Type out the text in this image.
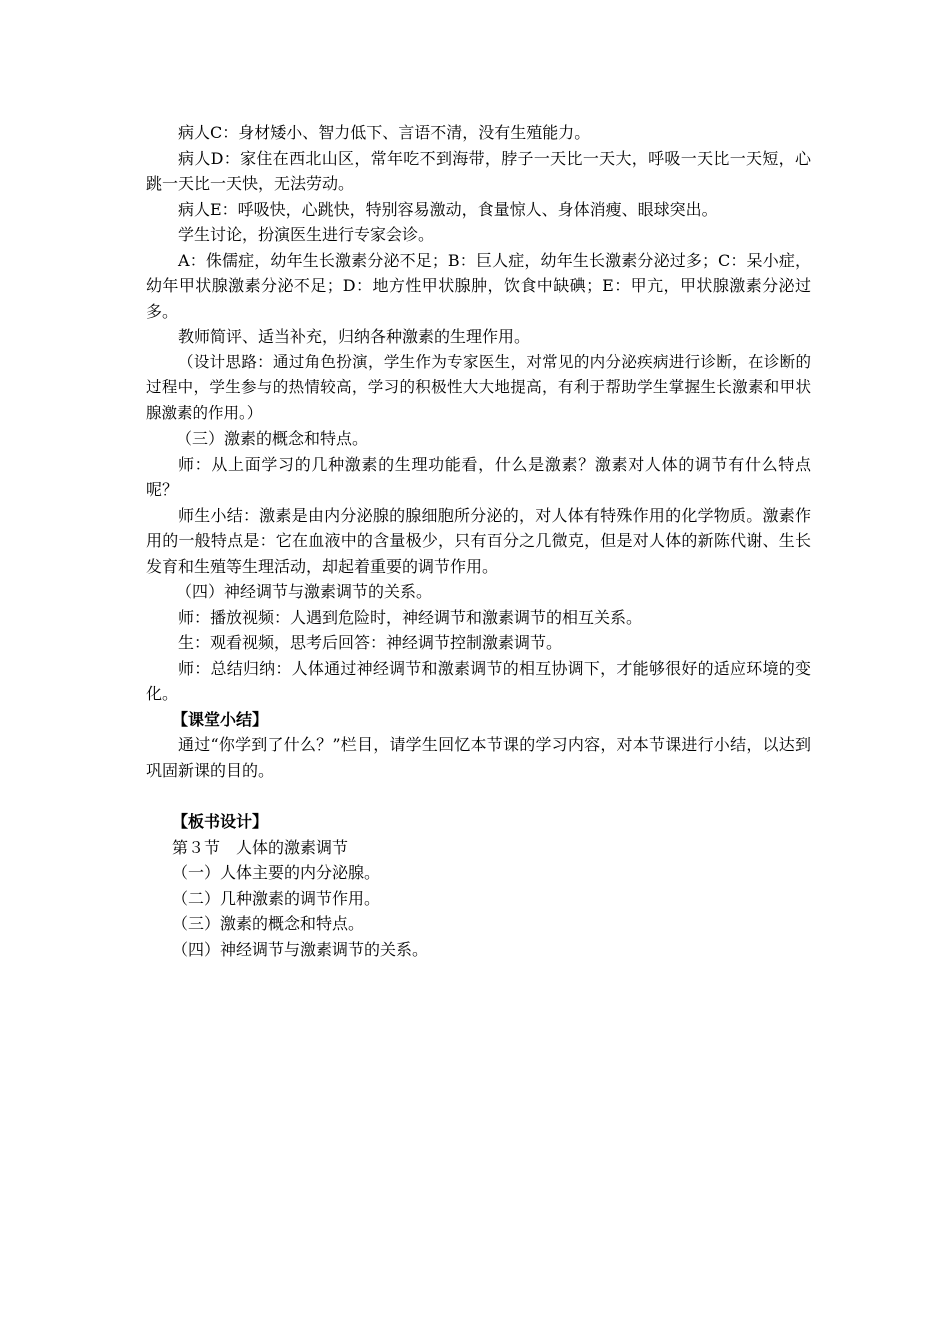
病人C：身材矮小、智力低下、言语不清，没有生殖能力。

病人D：家住在西北山区，常年吃不到海带，脖子一天比一天大，呼吸一天比一天短，心跳一天比一天快，无法劳动。

病人E：呼吸快，心跳快，特别容易激动，食量惊人、身体消瘦、眼球突出。

学生讨论，扮演医生进行专家会诊。

A：侏儒症，幼年生长激素分泌不足；B：巨人症，幼年生长激素分泌过多；C：呆小症，幼年甲状腺激素分泌不足；D：地方性甲状腺肿，饮食中缺碘；E：甲亢，甲状腺激素分泌过多。

教师简评、适当补充，归纳各种激素的生理作用。

（设计思路：通过角色扮演，学生作为专家医生，对常见的内分泌疾病进行诊断，在诊断的过程中，学生参与的热情较高，学习的积极性大大地提高，有利于帮助学生掌握生长激素和甲状腺激素的作用。）

（三）激素的概念和特点。

师：从上面学习的几种激素的生理功能看，什么是激素？激素对人体的调节有什么特点呢？

师生小结：激素是由内分泌腺的腺细胞所分泌的，对人体有特殊作用的化学物质。激素作用的一般特点是：它在血液中的含量极少，只有百分之几微克，但是对人体的新陈代谢、生长发育和生殖等生理活动，却起着重要的调节作用。

（四）神经调节与激素调节的关系。

师：播放视频：人遇到危险时，神经调节和激素调节的相互关系。

生：观看视频，思考后回答：神经调节控制激素调节。

师：总结归纳：人体通过神经调节和激素调节的相互协调下，才能够很好的适应环境的变化。

【课堂小结】

通过“你学到了什么？”栏目，请学生回忆本节课的学习内容，对本节课进行小结，以达到巩固新课的目的。

【板书设计】

第３节　人体的激素调节

（一）人体主要的内分泌腺。

（二）几种激素的调节作用。

（三）激素的概念和特点。

（四）神经调节与激素调节的关系。
